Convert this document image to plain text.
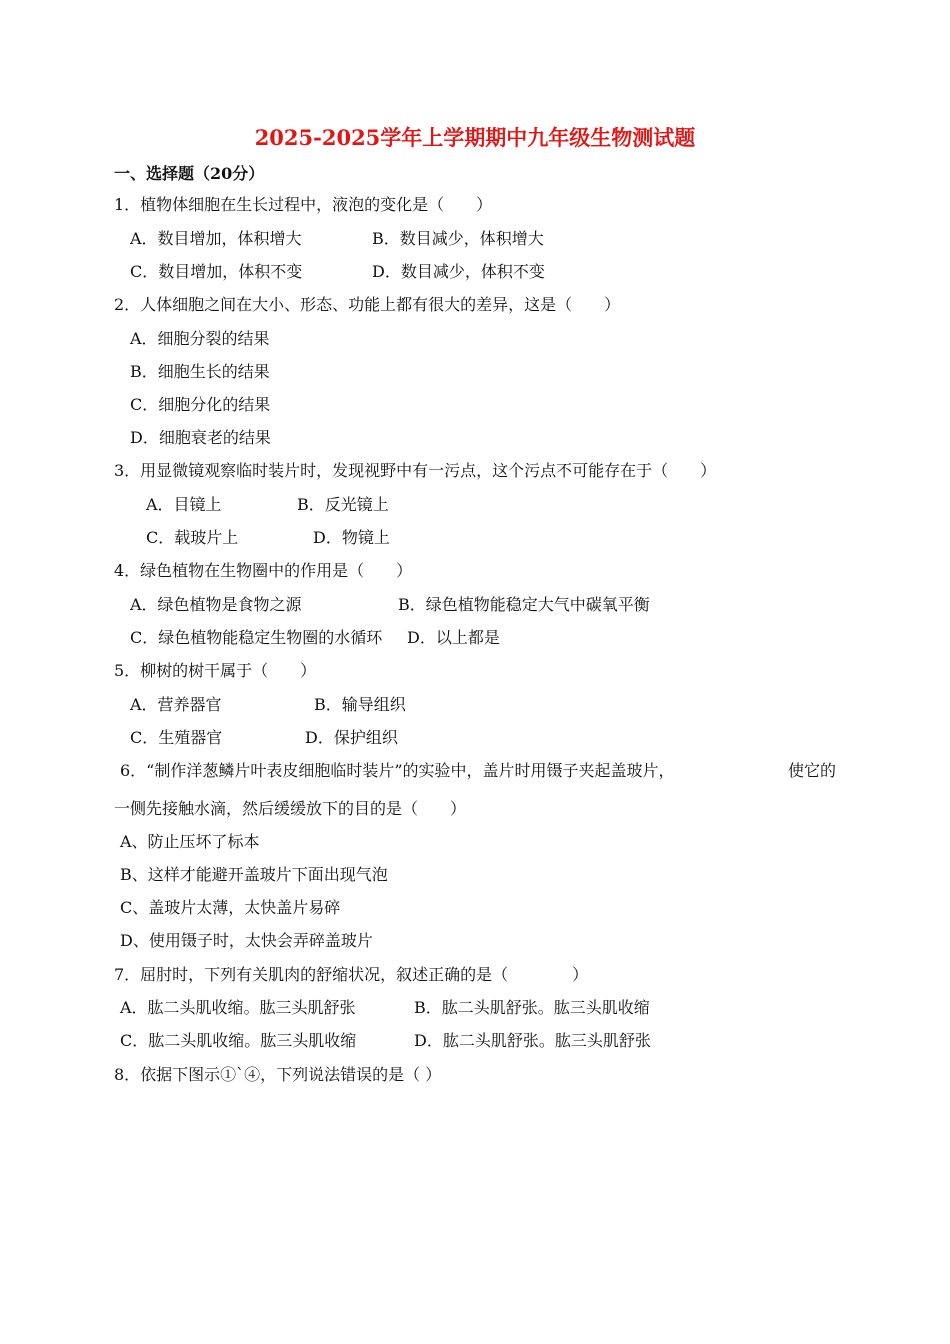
2025-2025学年上学期期中九年级生物测试题
一、选择题（20分）
1．植物体细胞在生长过程中，液泡的变化是（　　）
A．数目增加，体积增大	B．数目减少，体积增大
C．数目增加，体积不变	D．数目减少，体积不变
2．人体细胞之间在大小、形态、功能上都有很大的差异，这是（　　）
A．细胞分裂的结果
B．细胞生长的结果
C．细胞分化的结果
D．细胞衰老的结果
3．用显微镜观察临时装片时，发现视野中有一污点，这个污点不可能存在于（　　）
A．目镜上	B．反光镜上
C．载玻片上	D．物镜上
4．绿色植物在生物圈中的作用是（　　）
A．绿色植物是食物之源	B．绿色植物能稳定大气中碳氧平衡
C．绿色植物能稳定生物圈的水循环 D．以上都是
5．柳树的树干属于（　　）
A．营养器官	B．输导组织
C．生殖器官	D．保护组织
6．“制作洋葱鳞片叶表皮细胞临时装片”的实验中，盖片时用镊子夹起盖玻片，	使它的
一侧先接触水滴，然后缓缓放下的目的是（　　）
A、防止压坏了标本
B、这样才能避开盖玻片下面出现气泡
C、盖玻片太薄，太快盖片易碎
D、使用镊子时，太快会弄碎盖玻片
7．屈肘时，下列有关肌肉的舒缩状况，叙述正确的是（　　　　）
A．肱二头肌收缩。肱三头肌舒张	B．肱二头肌舒张。肱三头肌收缩
C．肱二头肌收缩。肱三头肌收缩	D．肱二头肌舒张。肱三头肌舒张
8．依据下图示①`④，下列说法错误的是（ ）
